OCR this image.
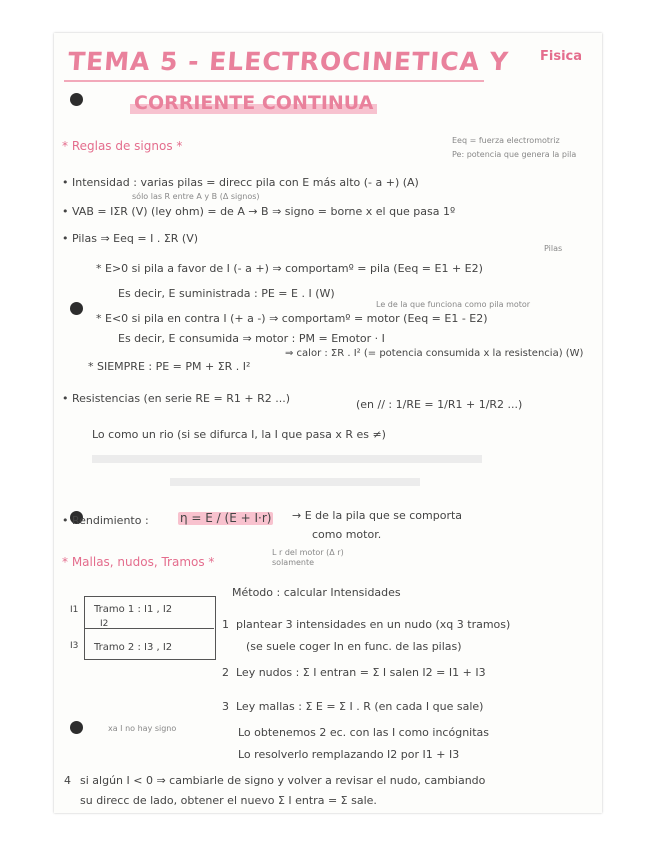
TEMA 5 - ELECTROCINETICA Y Fisica
CORRIENTE CONTINUA
* Reglas de signos *	Eeq = fuerza electromotriz
Pe: potencia que genera la pila
• Intensidad : varias pilas = direcc pila con E más alto (- a +) (A)
sólo las R entre A y B (Δ signos)
• VAB = IΣR (V) (ley ohm) = de A → B ⇒ signo = borne x el que pasa 1º
• Pilas ⇒ Eeq = I . ΣR (V)
Pilas
* E>0 si pila a favor de I (- a +) ⇒ comportamº = pila (Eeq = E1 + E2)
Es decir, E suministrada : PE = E . I (W)
Le de la que funciona como pila motor
* E<0 si pila en contra I (+ a -) ⇒ comportamº = motor (Eeq = E1 - E2)
Es decir, E consumida ⇒ motor : PM = Emotor · I
⇒ calor : ΣR . I² (= potencia consumida x la resistencia) (W)
* SIEMPRE : PE = PM + ΣR . I²
• Resistencias (en serie RE = R1 + R2 ...)	(en // : 1/RE = 1/R1 + 1/R2 ...)
Lo como un rio (si se difurca I, la I que pasa x R es ≠)
• Rendimiento :	η = E / (E + I·r) → E de la pila que se comporta
como motor.
L r del motor (Δ r) solamente
* Mallas, nudos, Tramos *
Método : calcular Intensidades
Tramo 1 : I1 , I2
Tramo 2 : I3 , I2
I1
I2
I3
1 plantear 3 intensidades en un nudo (xq 3 tramos)
(se suele coger In en func. de las pilas)
2 Ley nudos : Σ I entran = Σ I salen I2 = I1 + I3
3 Ley mallas : Σ E = Σ I . R (en cada I que sale)
Lo obtenemos 2 ec. con las I como incógnitas
Lo resolverlo remplazando I2 por I1 + I3
xa I no hay signo
4 si algún I < 0 ⇒ cambiarle de signo y volver a revisar el nudo, cambiando
su direcc de lado, obtener el nuevo Σ I entra = Σ sale.
